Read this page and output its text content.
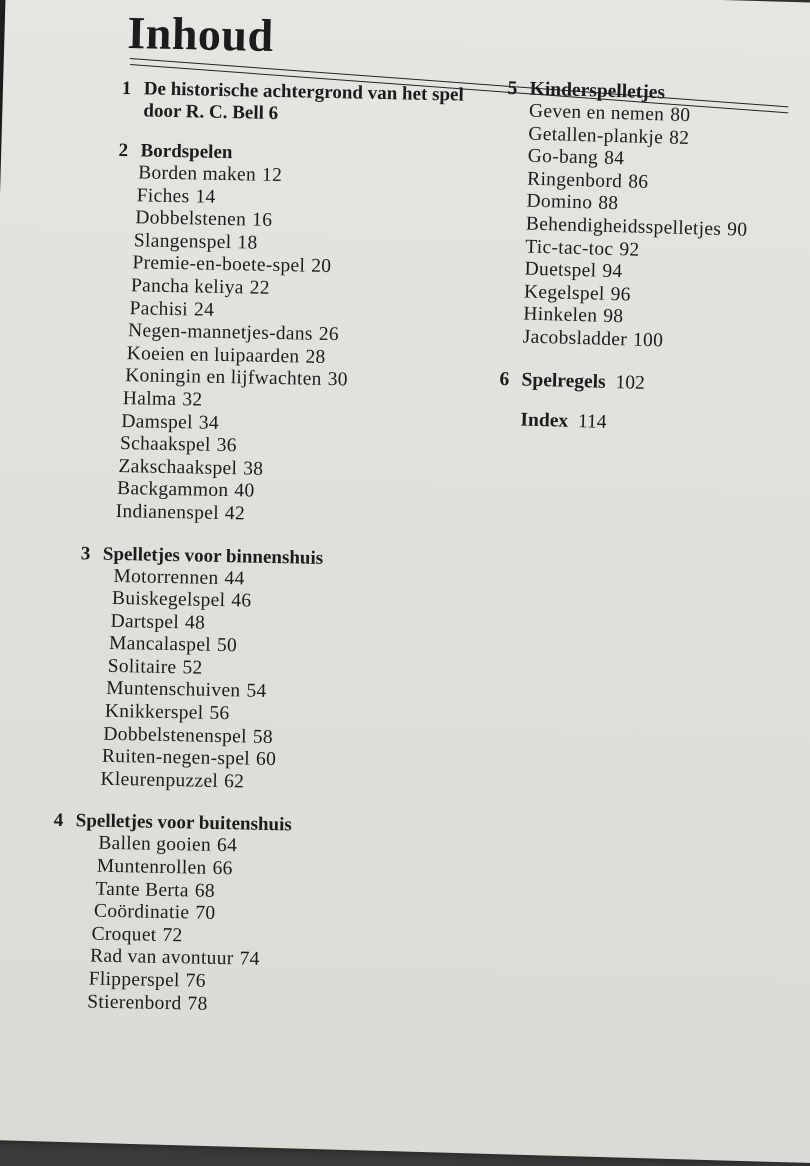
Inhoud
1 De historische achtergrond van het spel
door R. C. Bell 6
2 Bordspelen
Borden maken 12
Fiches 14
Dobbelstenen 16
Slangenspel 18
Premie-en-boete-spel 20
Pancha keliya 22
Pachisi 24
Negen-mannetjes-dans 26
Koeien en luipaarden 28
Koningin en lijfwachten 30
Halma 32
Damspel 34
Schaakspel 36
Zakschaakspel 38
Backgammon 40
Indianenspel 42
3 Spelletjes voor binnenshuis
Motorrennen 44
Buiskegelspel 46
Dartspel 48
Mancalaspel 50
Solitaire 52
Muntenschuiven 54
Knikkerspel 56
Dobbelstenenspel 58
Ruiten-negen-spel 60
Kleurenpuzzel 62
4 Spelletjes voor buitenshuis
Ballen gooien 64
Muntenrollen 66
Tante Berta 68
Coördinatie 70
Croquet 72
Rad van avontuur 74
Flipperspel 76
Stierenbord 78
5 Kinderspelletjes
Geven en nemen 80
Getallen-plankje 82
Go-bang 84
Ringenbord 86
Domino 88
Behendigheidsspelletjes 90
Tic-tac-toc 92
Duetspel 94
Kegelspel 96
Hinkelen 98
Jacobsladder 100
6 Spelregels 102
Index 114
